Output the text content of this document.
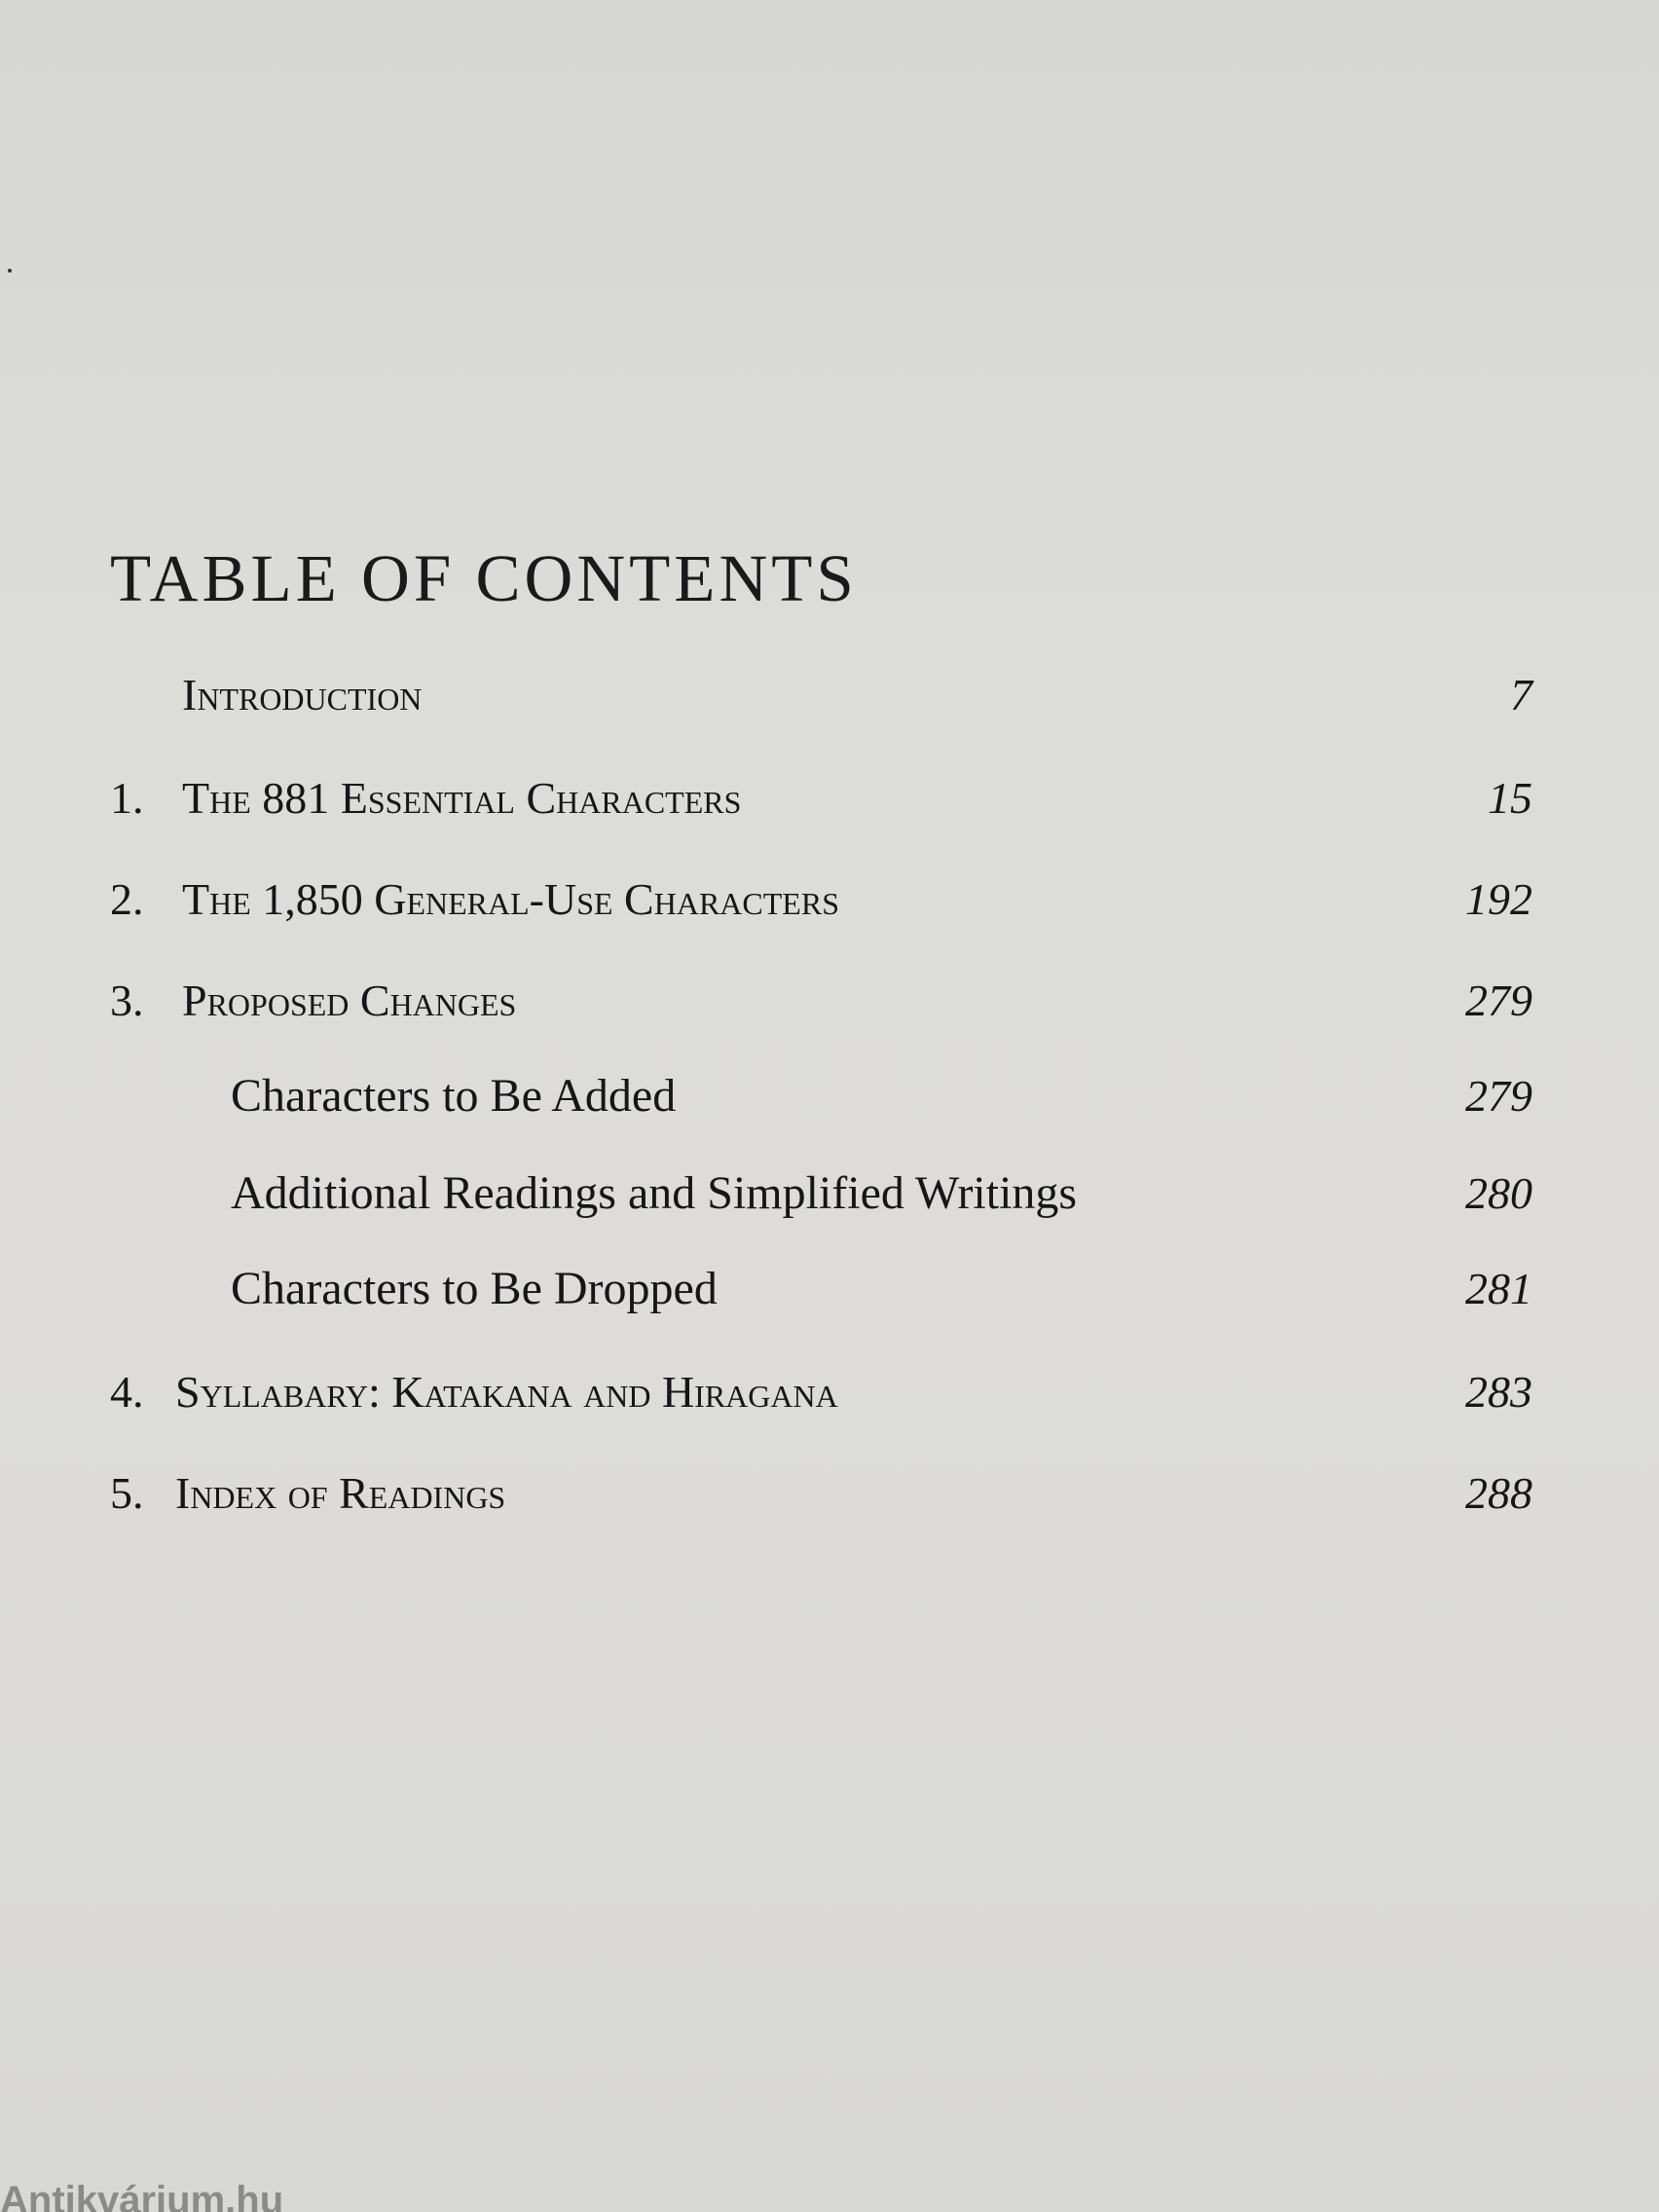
TABLE OF CONTENTS
Introduction	7
1. The 881 Essential Characters	15
2. The 1,850 General-Use Characters	192
3. Proposed Changes	279
Characters to Be Added	279
Additional Readings and Simplified Writings	280
Characters to Be Dropped	281
4. Syllabary: Katakana and Hiragana	283
5. Index of Readings	288
Antikvárium.hu
